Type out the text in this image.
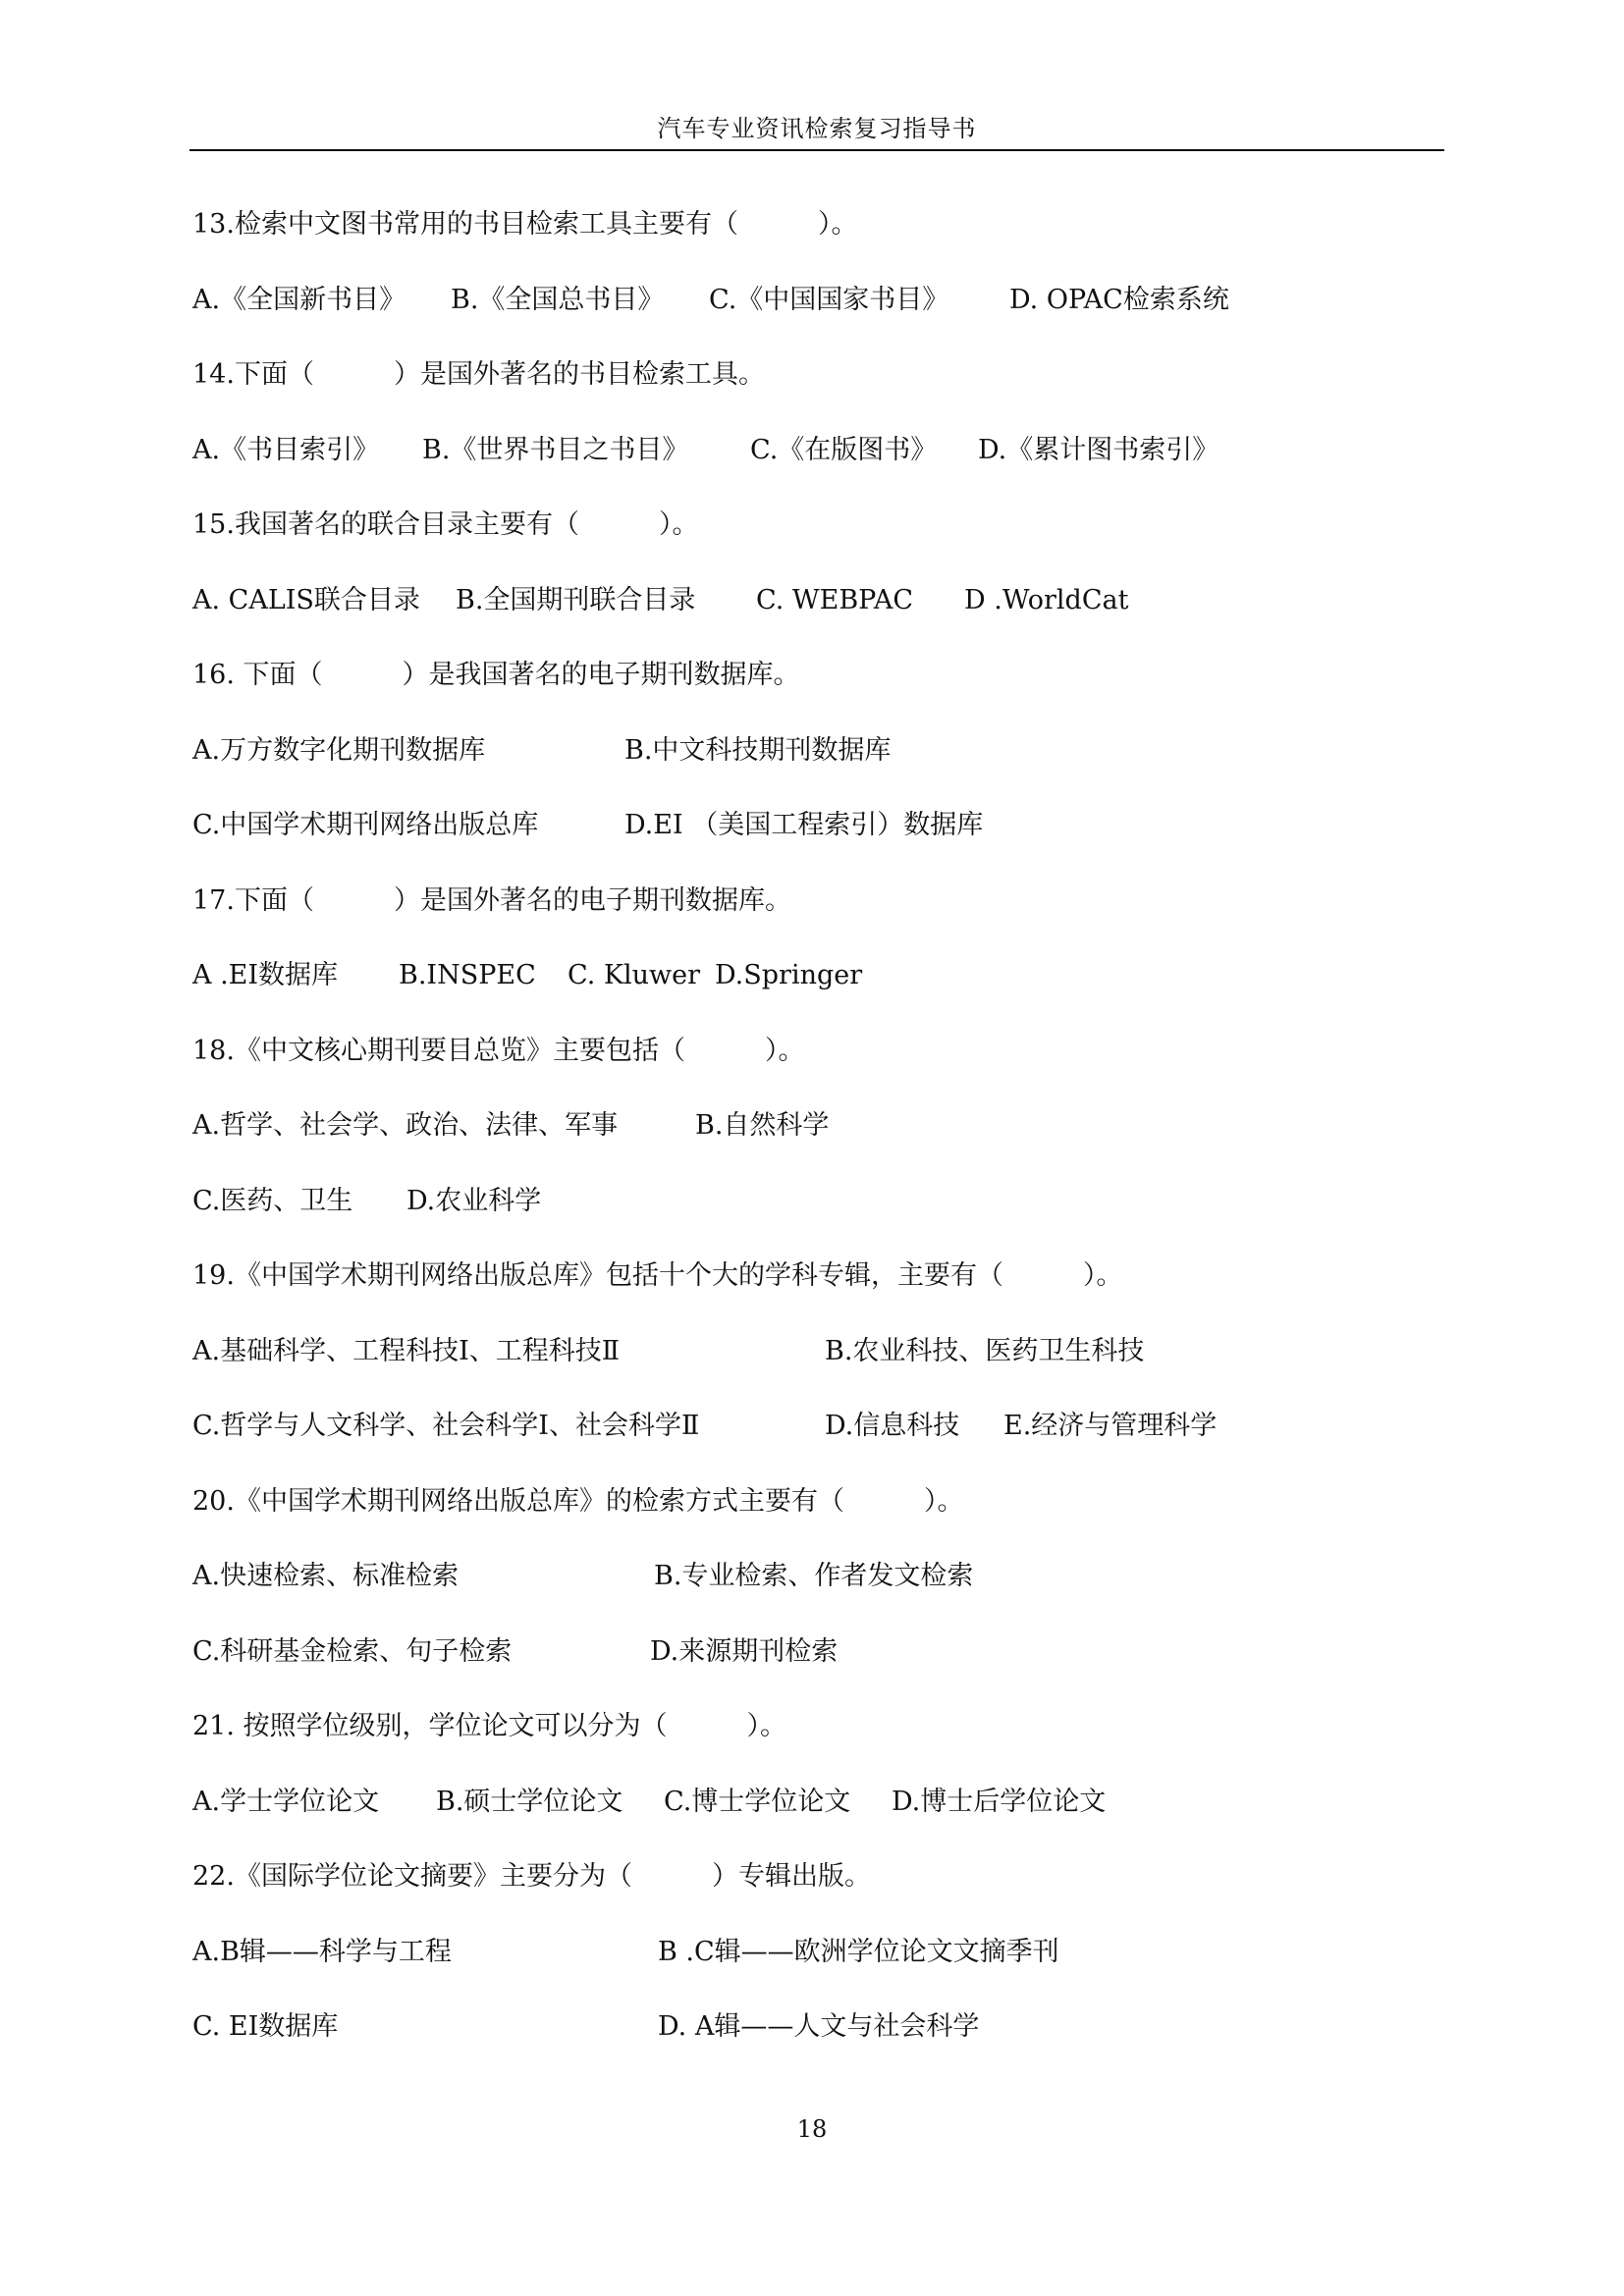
汽车专业资讯检索复习指导书
13.检索中文图书常用的书目检索工具主要有（　　　）。
A.《全国新书目》 B.《全国总书目》 C.《中国国家书目》 D. OPAC检索系统
14.下面（　　　）是国外著名的书目检索工具。
A.《书目索引》 B.《世界书目之书目》 C.《在版图书》 D.《累计图书索引》
15.我国著名的联合目录主要有（　　　）。
A. CALIS联合目录 B.全国期刊联合目录 C. WEBPAC D .WorldCat
16. 下面（　　　）是我国著名的电子期刊数据库。
A.万方数字化期刊数据库	B.中文科技期刊数据库
C.中国学术期刊网络出版总库	D.EI （美国工程索引）数据库
17.下面（　　　）是国外著名的电子期刊数据库。
A .EI数据库 B.INSPEC C. Kluwer D.Springer
18.《中文核心期刊要目总览》主要包括（　　　）。
A.哲学、社会学、政治、法律、军事	B.自然科学
C.医药、卫生 D.农业科学
19.《中国学术期刊网络出版总库》包括十个大的学科专辑，主要有（　　　）。
A.基础科学、工程科技Ⅰ、工程科技Ⅱ	B.农业科技、医药卫生科技
C.哲学与人文科学、社会科学Ⅰ、社会科学Ⅱ	D.信息科技 E.经济与管理科学
20.《中国学术期刊网络出版总库》的检索方式主要有（　　　）。
A.快速检索、标准检索	B.专业检索、作者发文检索
C.科研基金检索、句子检索	D.来源期刊检索
21. 按照学位级别，学位论文可以分为（　　　）。
A.学士学位论文 B.硕士学位论文 C.博士学位论文 D.博士后学位论文
22.《国际学位论文摘要》主要分为（　　　）专辑出版。
A.B辑——科学与工程	B .C辑——欧洲学位论文文摘季刊
C. EI数据库	D. A辑——人文与社会科学
18
